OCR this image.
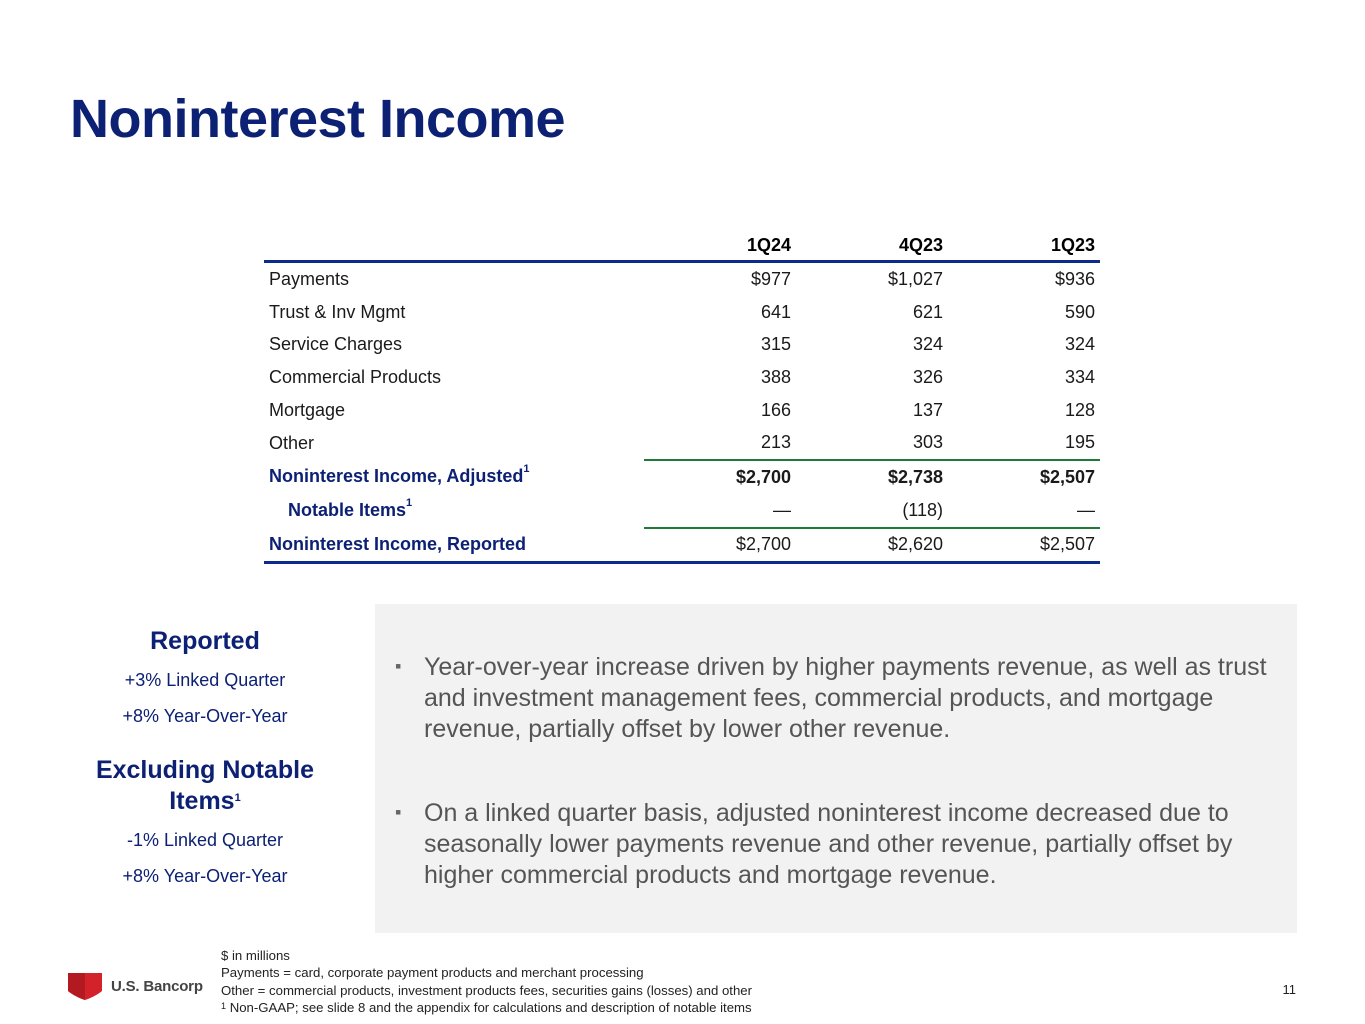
Noninterest Income
	1Q24	4Q23	1Q23
Payments	$977	$1,027	$936
Trust & Inv Mgmt	641	621	590
Service Charges	315	324	324
Commercial Products	388	326	334
Mortgage	166	137	128
Other	213	303	195
Noninterest Income, Adjusted$^1$	$2,700	$2,738	$2,507
Notable Items$^1$	—	(118)	—
Noninterest Income, Reported	$2,700	$2,620	$2,507
Reported
+3% Linked Quarter
+8% Year-Over-Year
Excluding Notable Items$^1$
-1% Linked Quarter
+8% Year-Over-Year
▪ Year-over-year increase driven by higher payments revenue, as well as trust and investment management fees, commercial products, and mortgage revenue, partially offset by lower other revenue.
▪ On a linked quarter basis, adjusted noninterest income decreased due to seasonally lower payments revenue and other revenue, partially offset by higher commercial products and mortgage revenue.
U.S. Bancorp
$ in millions
Payments = card, corporate payment products and merchant processing
Other = commercial products, investment products fees, securities gains (losses) and other
$^1$ Non-GAAP; see slide 8 and the appendix for calculations and description of notable items
11
